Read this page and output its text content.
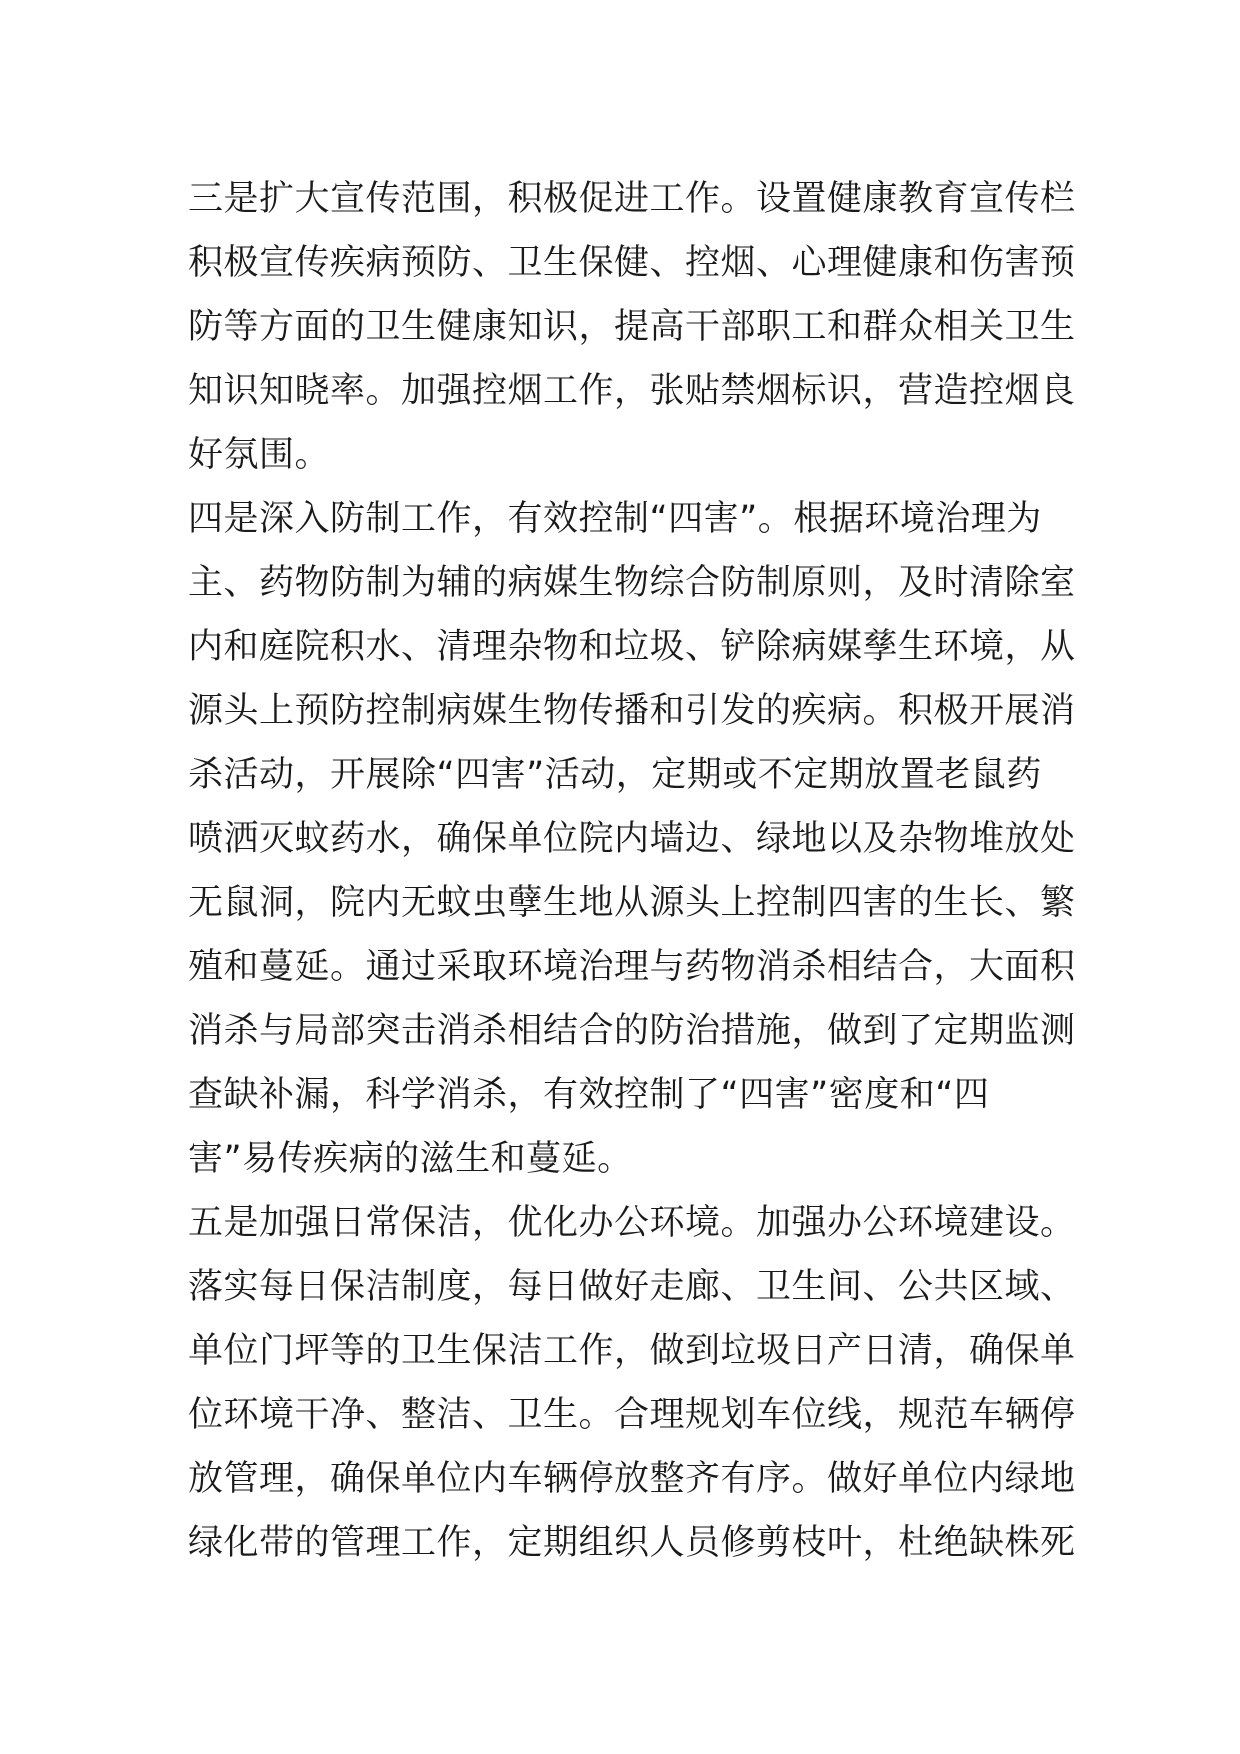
三是扩大宣传范围，积极促进工作。设置健康教育宣传栏
积极宣传疾病预防、卫生保健、控烟、心理健康和伤害预
防等方面的卫生健康知识，提高干部职工和群众相关卫生
知识知晓率。加强控烟工作，张贴禁烟标识，营造控烟良
好氛围。
四是深入防制工作，有效控制“四害”。根据环境治理为
主、药物防制为辅的病媒生物综合防制原则，及时清除室
内和庭院积水、清理杂物和垃圾、铲除病媒孳生环境，从
源头上预防控制病媒生物传播和引发的疾病。积极开展消
杀活动，开展除“四害”活动，定期或不定期放置老鼠药
喷洒灭蚊药水，确保单位院内墙边、绿地以及杂物堆放处
无鼠洞，院内无蚊虫孽生地从源头上控制四害的生长、繁
殖和蔓延。通过采取环境治理与药物消杀相结合，大面积
消杀与局部突击消杀相结合的防治措施，做到了定期监测
查缺补漏，科学消杀，有效控制了“四害”密度和“四
害”易传疾病的滋生和蔓延。
五是加强日常保洁，优化办公环境。加强办公环境建设。
落实每日保洁制度，每日做好走廊、卫生间、公共区域、
单位门坪等的卫生保洁工作，做到垃圾日产日清，确保单
位环境干净、整洁、卫生。合理规划车位线，规范车辆停
放管理，确保单位内车辆停放整齐有序。做好单位内绿地
绿化带的管理工作，定期组织人员修剪枝叶，杜绝缺株死
